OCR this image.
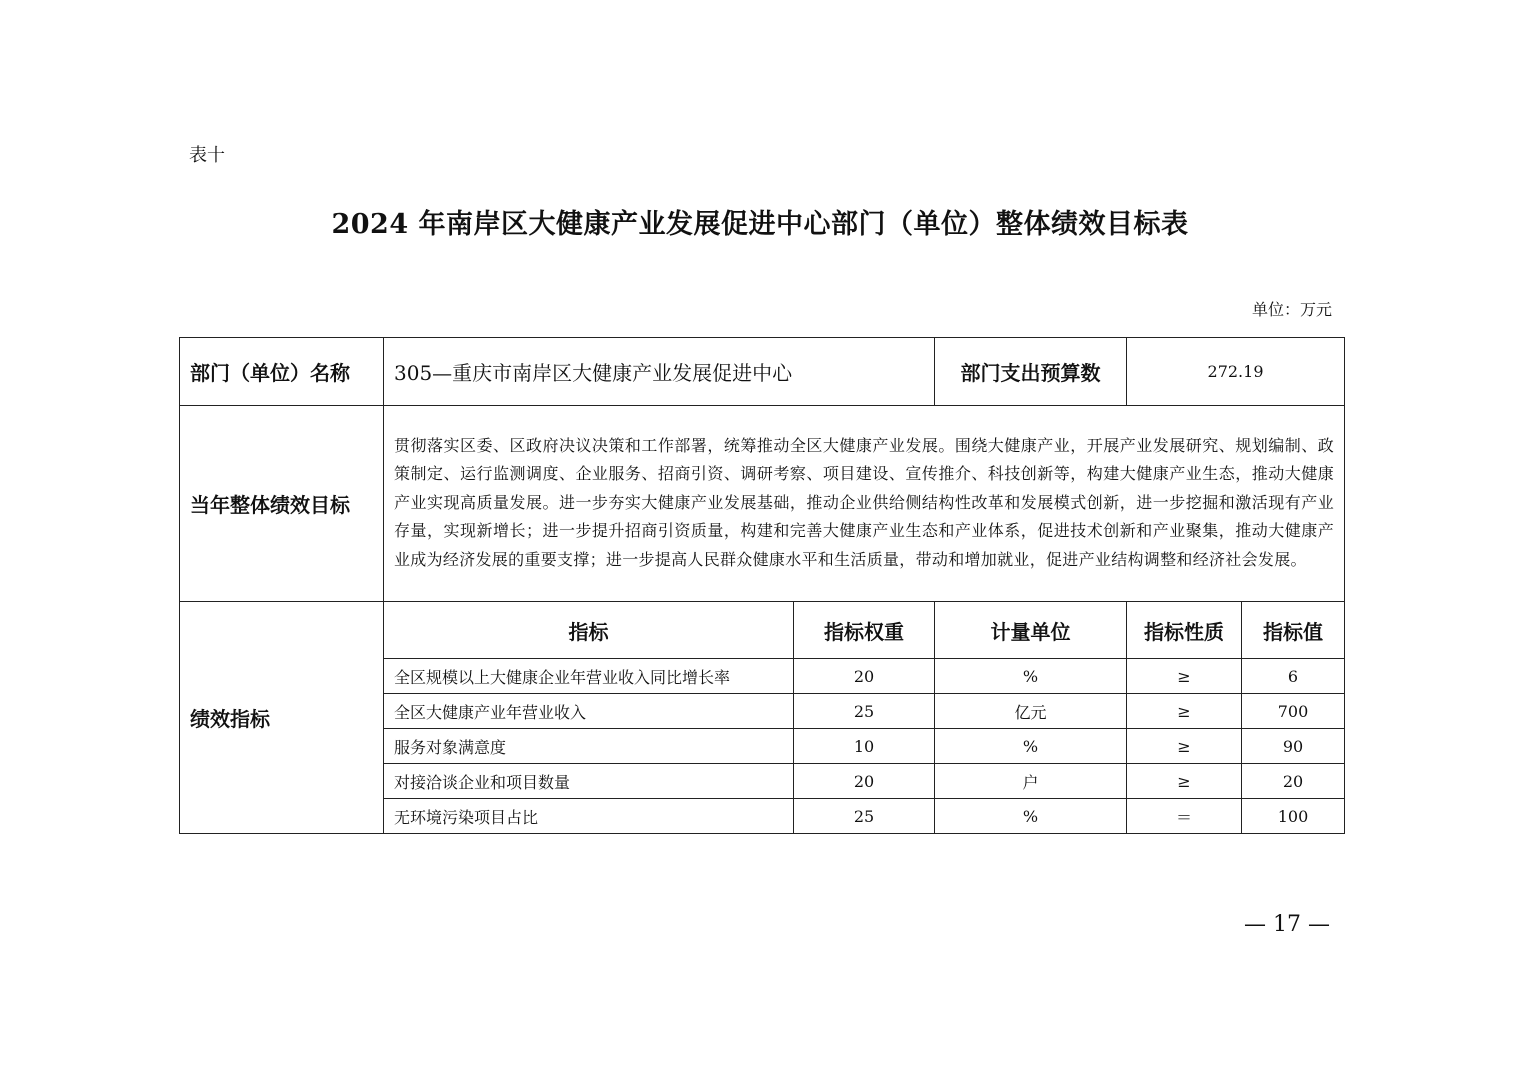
表十
2024 年南岸区大健康产业发展促进中心部门（单位）整体绩效目标表
单位：万元
部门（单位）名称	305—重庆市南岸区大健康产业发展促进中心		部门支出预算数	272.19	
当年整体绩效目标	贯彻落实区委、区政府决议决策和工作部署，统筹推动全区大健康产业发展。围绕大健康产业，开展产业发展研究、规划编制、政策制定、运行监测调度、企业服务、招商引资、调研考察、项目建设、宣传推介、科技创新等，构建大健康产业生态，推动大健康产业实现高质量发展。进一步夯实大健康产业发展基础，推动企业供给侧结构性改革和发展模式创新，进一步挖掘和激活现有产业存量，实现新增长；进一步提升招商引资质量，构建和完善大健康产业生态和产业体系，促进技术创新和产业聚集，推动大健康产业成为经济发展的重要支撑；进一步提高人民群众健康水平和生活质量，带动和增加就业，促进产业结构调整和经济社会发展。				
绩效指标	指标	指标权重	计量单位	指标性质	指标值
	全区规模以上大健康企业年营业收入同比增长率	20	%	≥	6
	全区大健康产业年营业收入	25	亿元	≥	700
	服务对象满意度	10	%	≥	90
	对接洽谈企业和项目数量	20	户	≥	20
	无环境污染项目占比	25	%	＝	100
— 17 —
